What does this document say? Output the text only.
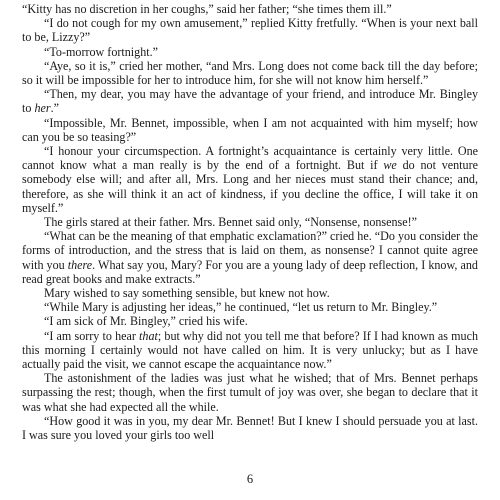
“Kitty has no discretion in her coughs,” said her father; “she times them ill.”

“I do not cough for my own amusement,” replied Kitty fretfully. “When is your next ball to be, Lizzy?”

“To-morrow fortnight.”

“Aye, so it is,” cried her mother, “and Mrs. Long does not come back till the day before; so it will be impossible for her to introduce him, for she will not know him herself.”

“Then, my dear, you may have the advantage of your friend, and introduce Mr. Bingley to her.”

“Impossible, Mr. Bennet, impossible, when I am not acquainted with him myself; how can you be so teasing?”

“I honour your circumspection. A fortnight’s acquaintance is certainly very little. One cannot know what a man really is by the end of a fortnight. But if we do not venture somebody else will; and after all, Mrs. Long and her nieces must stand their chance; and, therefore, as she will think it an act of kindness, if you decline the office, I will take it on myself.”

The girls stared at their father. Mrs. Bennet said only, “Nonsense, nonsense!”

“What can be the meaning of that emphatic exclamation?” cried he. “Do you consider the forms of introduction, and the stress that is laid on them, as nonsense? I cannot quite agree with you there. What say you, Mary? For you are a young lady of deep reflection, I know, and read great books and make extracts.”

Mary wished to say something sensible, but knew not how.

“While Mary is adjusting her ideas,” he continued, “let us return to Mr. Bingley.”

“I am sick of Mr. Bingley,” cried his wife.

“I am sorry to hear that; but why did not you tell me that before? If I had known as much this morning I certainly would not have called on him. It is very unlucky; but as I have actually paid the visit, we cannot escape the acquaintance now.”

The astonishment of the ladies was just what he wished; that of Mrs. Bennet perhaps surpassing the rest; though, when the first tumult of joy was over, she began to declare that it was what she had expected all the while.

“How good it was in you, my dear Mr. Bennet! But I knew I should persuade you at last. I was sure you loved your girls too well

6
